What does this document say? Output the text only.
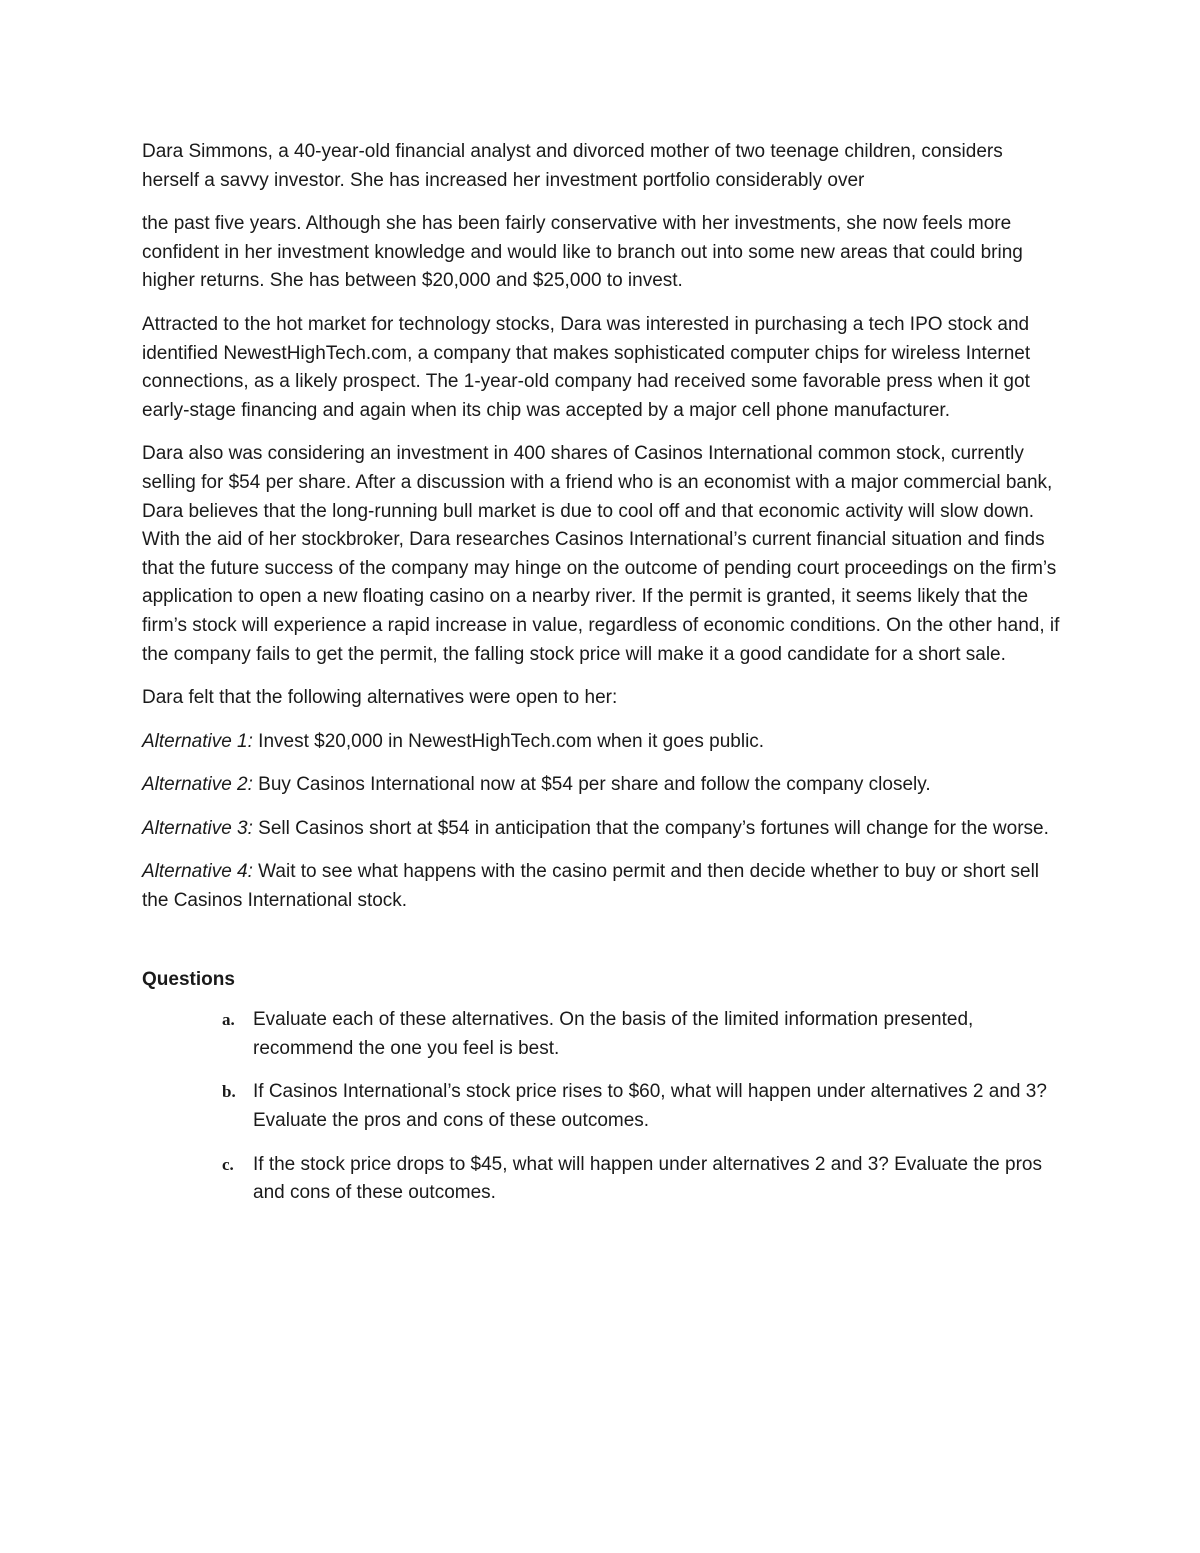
Dara Simmons, a 40-year-old financial analyst and divorced mother of two teenage children, considers herself a savvy investor. She has increased her investment portfolio considerably over

the past five years. Although she has been fairly conservative with her investments, she now feels more confident in her investment knowledge and would like to branch out into some new areas that could bring higher returns. She has between $20,000 and $25,000 to invest.

Attracted to the hot market for technology stocks, Dara was interested in purchasing a tech IPO stock and identified NewestHighTech.com, a company that makes sophisticated computer chips for wireless Internet connections, as a likely prospect. The 1-year-old company had received some favorable press when it got early-stage financing and again when its chip was accepted by a major cell phone manufacturer.

Dara also was considering an investment in 400 shares of Casinos International common stock, currently selling for $54 per share. After a discussion with a friend who is an economist with a major commercial bank, Dara believes that the long-running bull market is due to cool off and that economic activity will slow down. With the aid of her stockbroker, Dara researches Casinos International’s current financial situation and finds that the future success of the company may hinge on the outcome of pending court proceedings on the firm’s application to open a new floating casino on a nearby river. If the permit is granted, it seems likely that the firm’s stock will experience a rapid increase in value, regardless of economic conditions. On the other hand, if the company fails to get the permit, the falling stock price will make it a good candidate for a short sale.

Dara felt that the following alternatives were open to her:

Alternative 1: Invest $20,000 in NewestHighTech.com when it goes public.

Alternative 2: Buy Casinos International now at $54 per share and follow the company closely.

Alternative 3: Sell Casinos short at $54 in anticipation that the company’s fortunes will change for the worse.

Alternative 4: Wait to see what happens with the casino permit and then decide whether to buy or short sell the Casinos International stock.

Questions
a. Evaluate each of these alternatives. On the basis of the limited information presented, recommend the one you feel is best.
b. If Casinos International’s stock price rises to $60, what will happen under alternatives 2 and 3? Evaluate the pros and cons of these outcomes.
c. If the stock price drops to $45, what will happen under alternatives 2 and 3? Evaluate the pros and cons of these outcomes.
